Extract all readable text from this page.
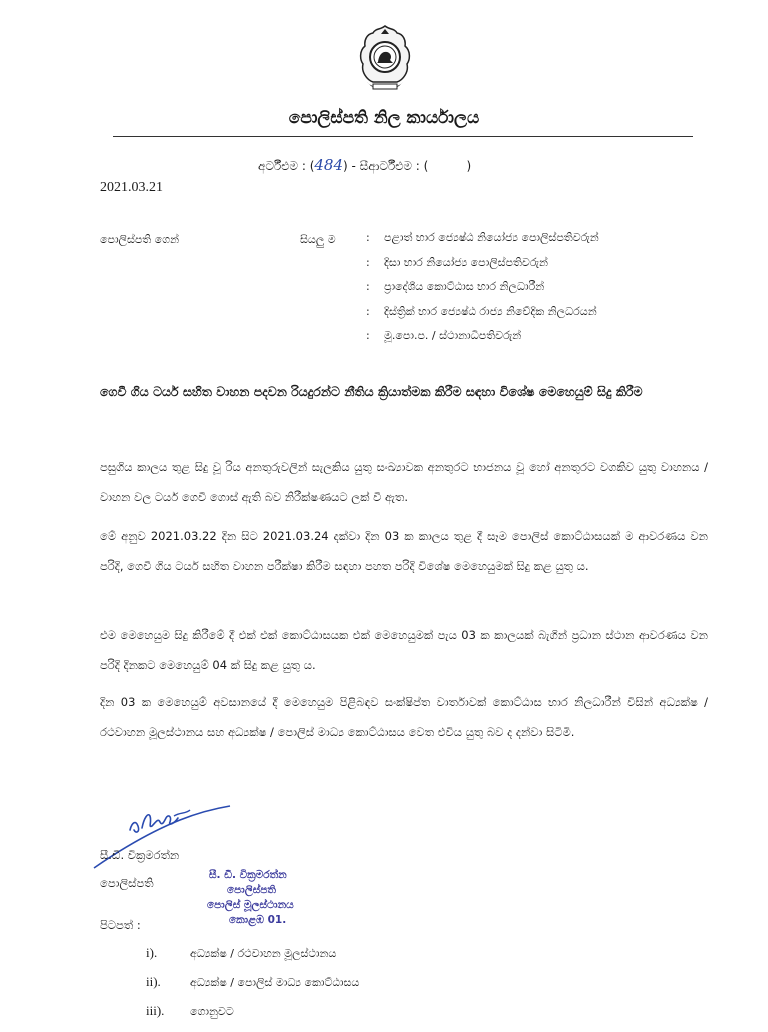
පොලිස්පති නිල කාර්යාලය
අර්ටීඑම : (484) - සීආර්ටීඑම : (	)
2021.03.21
පොලිස්පති ගෙන්	සියලු ම	: පළාත් භාර ජ්‍යෙෂ්ඨ නියෝජ්‍ය පොලිස්පතිවරුන්
: දිසා භාර නියෝජ්‍ය පොලිස්පතිවරුන්
: ප්‍රාදේශීය කොට්ඨාස භාර නිලධාරීන්
: දිස්ත්‍රික් භාර ජ්‍යෙෂ්ඨ රාජ්‍ය නිවේදික නිලධරයන්
: මූ.පො.ප. / ස්ථානාධිපතිවරුන්
ගෙවී ගිය ටයර් සහිත වාහන පදවන රියදුරන්ට නීතිය ක්‍රියාත්මක කිරීම සඳහා විශේෂ මෙහෙයුම් සිදු කිරීම
පසුගිය කාලය තුළ සිදු වූ රිය අනතුරුවලින් සැලකිය යුතු සංඛ්‍යාවක අනතුරට භාජනය වූ හෝ අනතුරට වගකිව යුතු වාහනය / වාහන වල ටයර් ගෙවී ගොස් ඇති බව නිරීක්ෂණයට ලක් වී ඇත.
මේ අනුව 2021.03.22 දින සිට 2021.03.24 දක්වා දින 03 ක කාලය තුළ දී සෑම පොලිස් කොට්ඨාසයක් ම ආවරණය වන පරිදි, ගෙවී ගිය ටයර් සහිත වාහන පරීක්ෂා කිරීම සඳහා පහත පරිදි විශේෂ මෙහෙයුමක් සිදු කළ යුතු ය.
එම මෙහෙයුම සිදු කිරීමේ දී එක් එක් කොට්ඨාසයක එක් මෙහෙයුමක් පැය 03 ක කාලයක් බැගින් ප්‍රධාන ස්ථාන ආවරණය වන පරිදි දිනකට මෙහෙයුම් 04 ක් සිදු කළ යුතු ය.
දින 03 ක මෙහෙයුම් අවසානයේ දී මෙහෙයුම පිළිබඳව සංක්ෂිප්ත වාර්තාවක් කොට්ඨාස භාර නිලධාරීන් විසින් අධ්‍යක්ෂ / රථවාහන මූලස්ථානය සහ අධ්‍යක්ෂ / පොලිස් මාධ්‍ය කොට්ඨාසය වෙත එවිය යුතු බව ද දන්වා සිටිමි.
සී.ඩී. වික්‍රමරත්න
පොලිස්පති
සී. ඩී. වික්‍රමරත්න
පොලිස්පති
පොලිස් මූලස්ථානය
කොළඹ 01.
පිටපත් :
i).	අධ්‍යක්ෂ / රථවාහන මූලස්ථානය
ii).	අධ්‍යක්ෂ / පොලිස් මාධ්‍ය කොට්ඨාසය
iii). ගොනුවට
